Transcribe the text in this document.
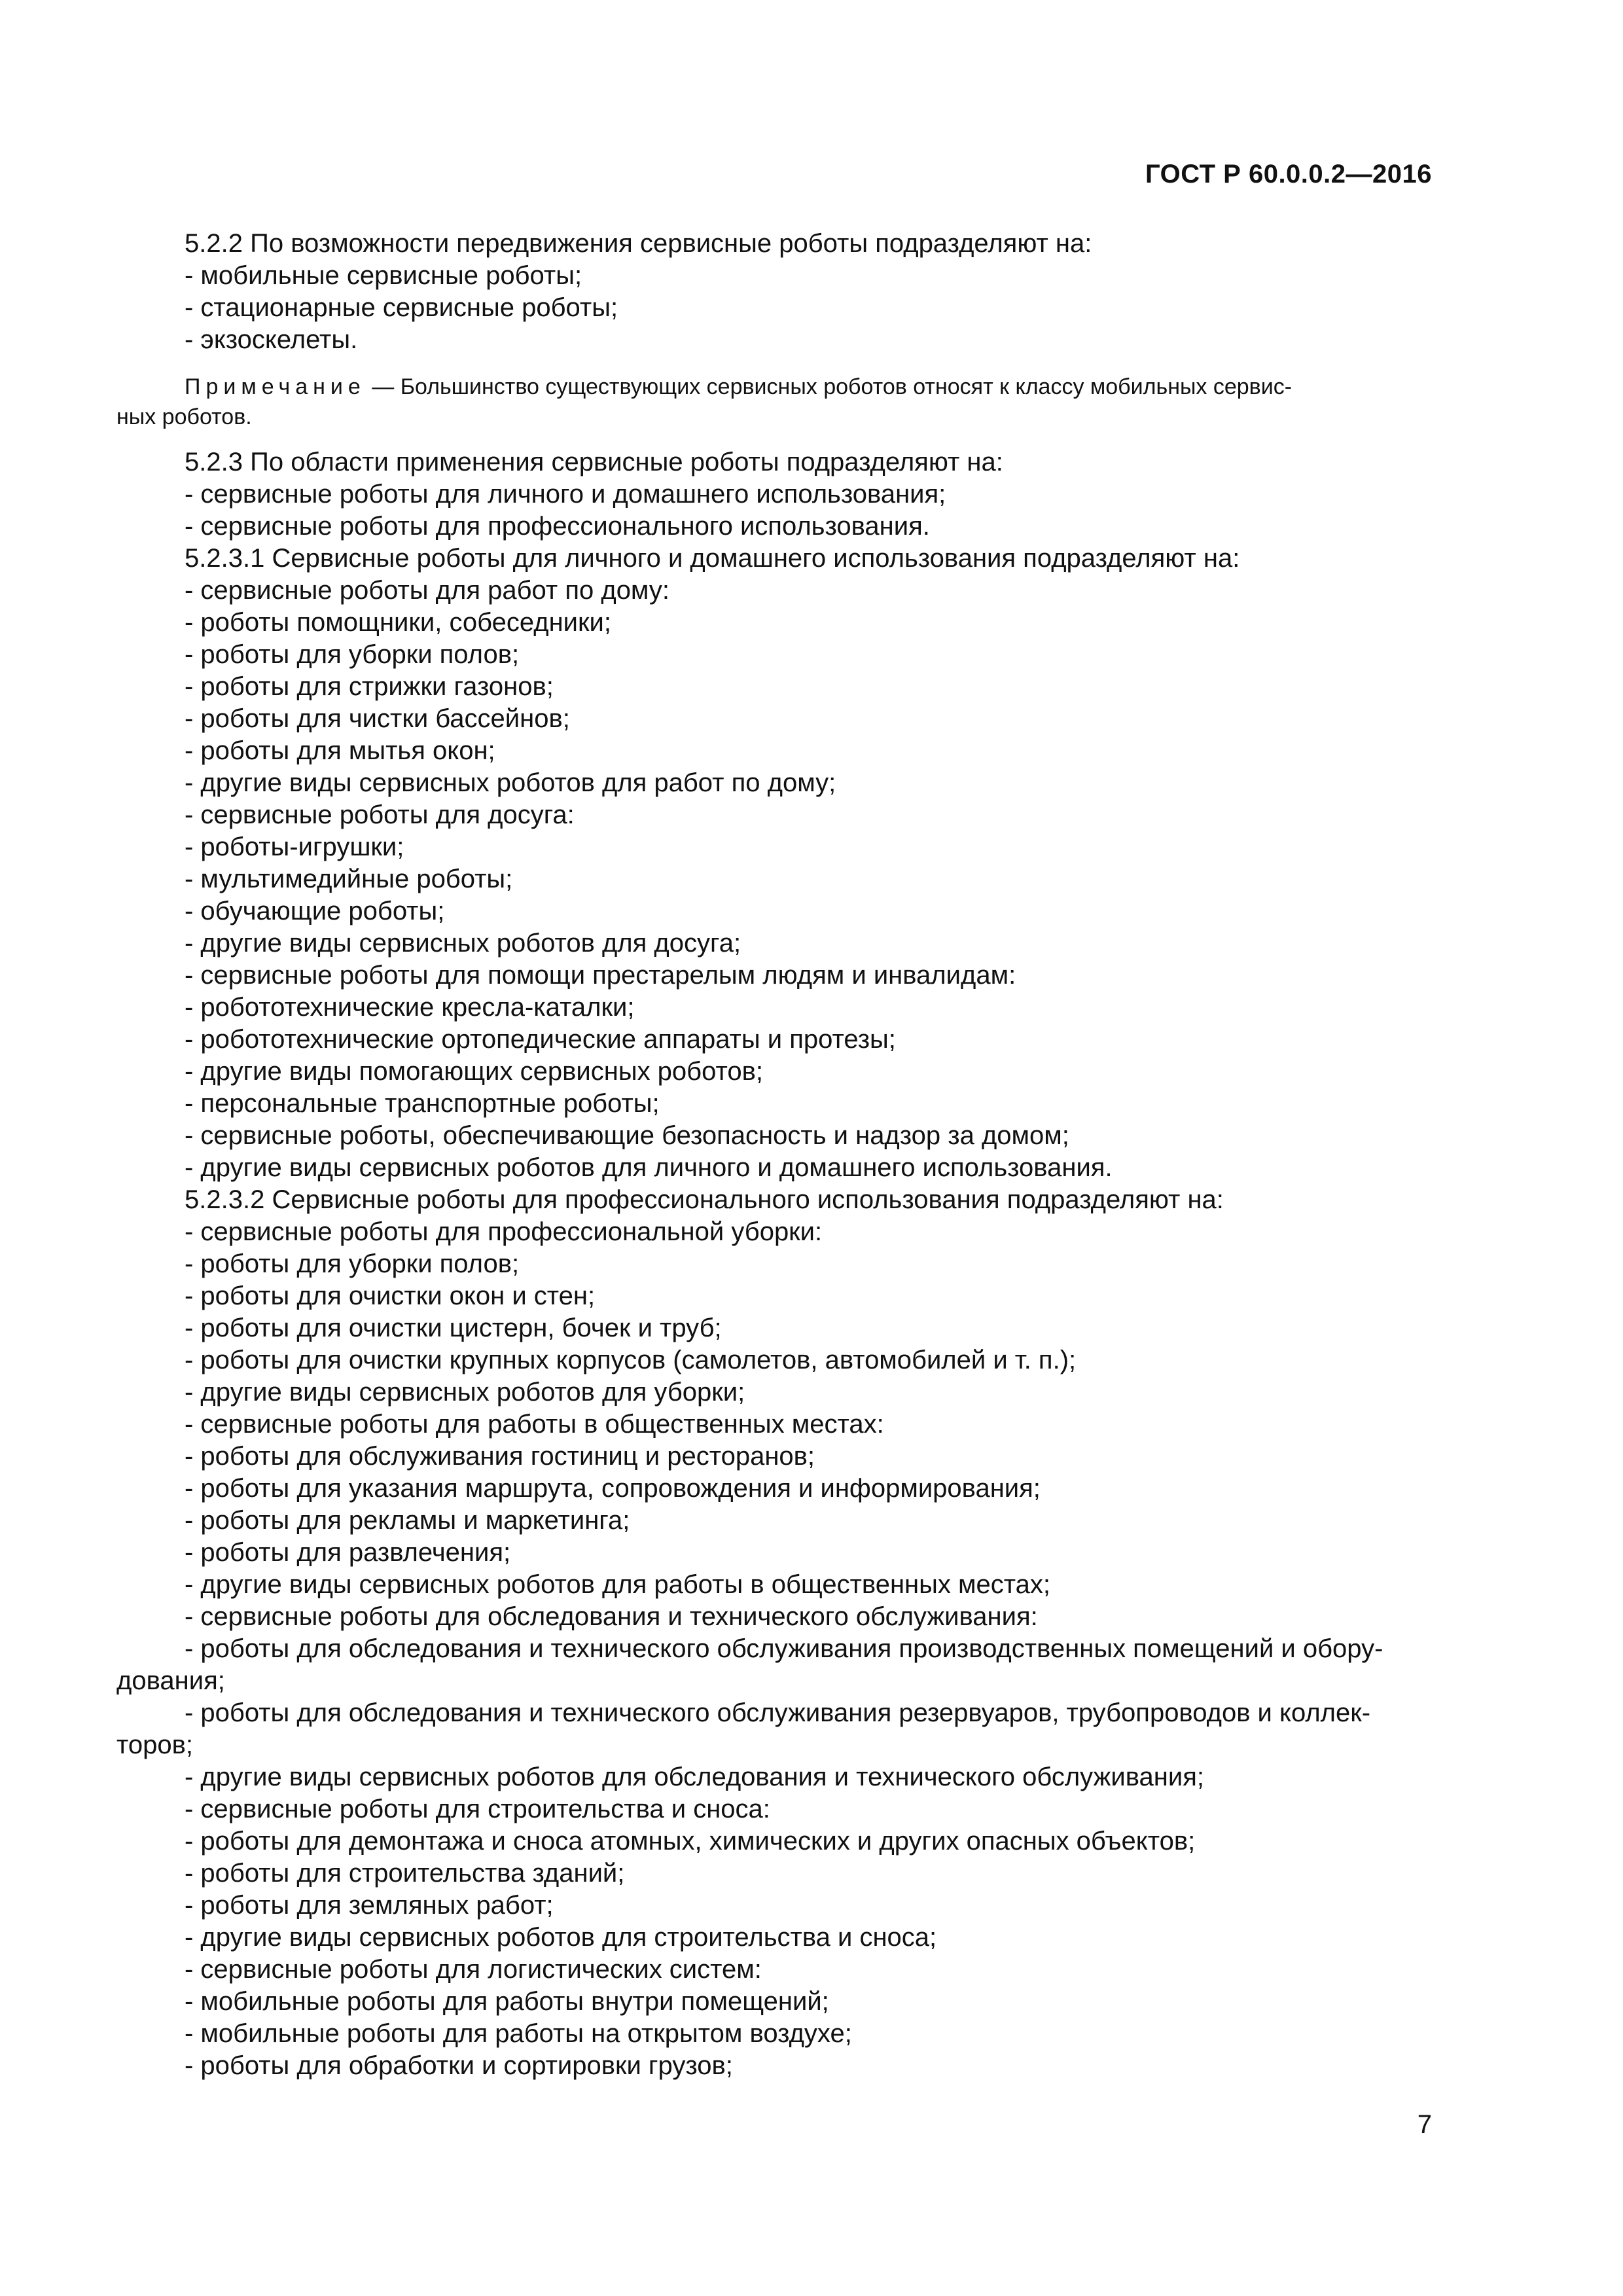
ГОСТ Р 60.0.0.2—2016
5.2.2 По возможности передвижения сервисные роботы подразделяют на:
- мобильные сервисные роботы;
- стационарные сервисные роботы;
- экзоскелеты.
Примечание — Большинство существующих сервисных роботов относят к классу мобильных сервис-
ных роботов.
5.2.3 По области применения сервисные роботы подразделяют на:
- сервисные роботы для личного и домашнего использования;
- сервисные роботы для профессионального использования.
5.2.3.1 Сервисные роботы для личного и домашнего использования подразделяют на:
- сервисные роботы для работ по дому:
- роботы помощники, собеседники;
- роботы для уборки полов;
- роботы для стрижки газонов;
- роботы для чистки бассейнов;
- роботы для мытья окон;
- другие виды сервисных роботов для работ по дому;
- сервисные роботы для досуга:
- роботы-игрушки;
- мультимедийные роботы;
- обучающие роботы;
- другие виды сервисных роботов для досуга;
- сервисные роботы для помощи престарелым людям и инвалидам:
- робототехнические кресла-каталки;
- робототехнические ортопедические аппараты и протезы;
- другие виды помогающих сервисных роботов;
- персональные транспортные роботы;
- сервисные роботы, обеспечивающие безопасность и надзор за домом;
- другие виды сервисных роботов для личного и домашнего использования.
5.2.3.2 Сервисные роботы для профессионального использования подразделяют на:
- сервисные роботы для профессиональной уборки:
- роботы для уборки полов;
- роботы для очистки окон и стен;
- роботы для очистки цистерн, бочек и труб;
- роботы для очистки крупных корпусов (самолетов, автомобилей и т. п.);
- другие виды сервисных роботов для уборки;
- сервисные роботы для работы в общественных местах:
- роботы для обслуживания гостиниц и ресторанов;
- роботы для указания маршрута, сопровождения и информирования;
- роботы для рекламы и маркетинга;
- роботы для развлечения;
- другие виды сервисных роботов для работы в общественных местах;
- сервисные роботы для обследования и технического обслуживания:
- роботы для обследования и технического обслуживания производственных помещений и обору-
дования;
- роботы для обследования и технического обслуживания резервуаров, трубопроводов и коллек-
торов;
- другие виды сервисных роботов для обследования и технического обслуживания;
- сервисные роботы для строительства и сноса:
- роботы для демонтажа и сноса атомных, химических и других опасных объектов;
- роботы для строительства зданий;
- роботы для земляных работ;
- другие виды сервисных роботов для строительства и сноса;
- сервисные роботы для логистических систем:
- мобильные роботы для работы внутри помещений;
- мобильные роботы для работы на открытом воздухе;
- роботы для обработки и сортировки грузов;
7
